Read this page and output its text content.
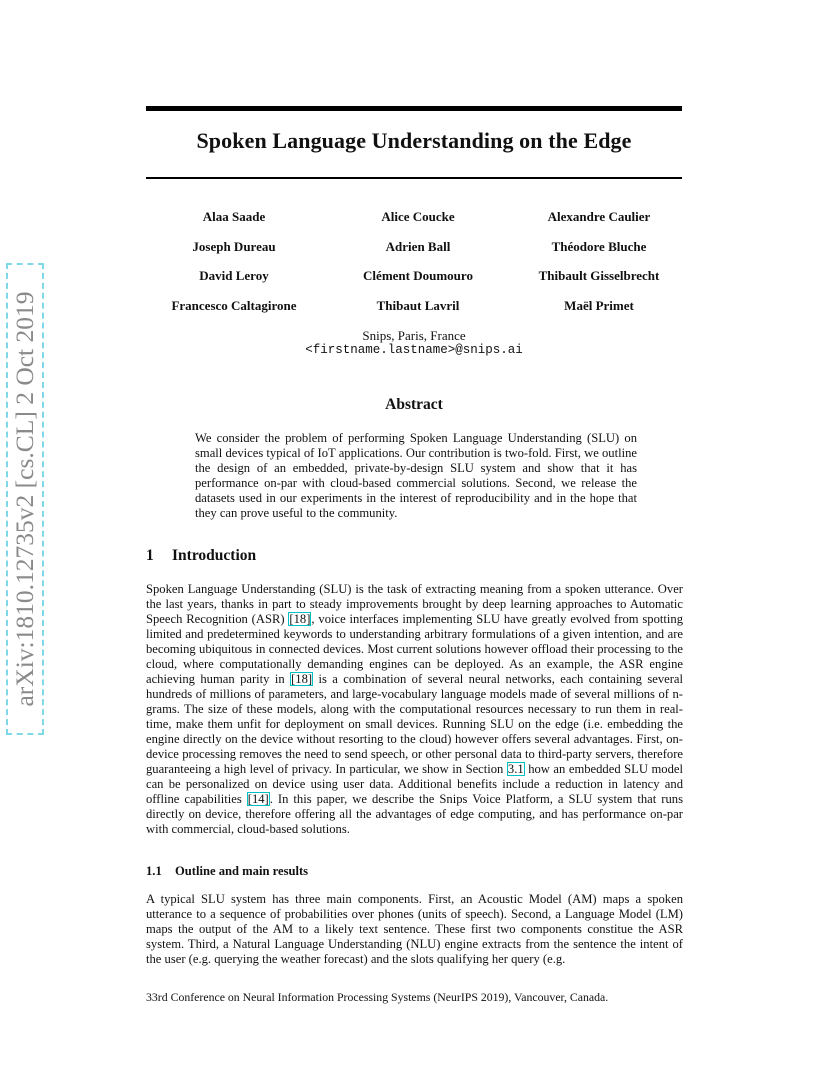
arXiv:1810.12735v2 [cs.CL] 2 Oct 2019
Spoken Language Understanding on the Edge
Alaa Saade	Alice Coucke	Alexandre Caulier
Joseph Dureau	Adrien Ball	Théodore Bluche
David Leroy	Clément Doumouro	Thibault Gisselbrecht
Francesco Caltagirone	Thibaut Lavril	Maël Primet
Snips, Paris, France
<firstname.lastname>@snips.ai
Abstract
We consider the problem of performing Spoken Language Understanding (SLU) on small devices typical of IoT applications. Our contribution is two-fold. First, we outline the design of an embedded, private-by-design SLU system and show that it has performance on-par with cloud-based commercial solutions. Second, we release the datasets used in our experiments in the interest of reproducibility and in the hope that they can prove useful to the community.
1 Introduction
Spoken Language Understanding (SLU) is the task of extracting meaning from a spoken utterance. Over the last years, thanks in part to steady improvements brought by deep learning approaches to Automatic Speech Recognition (ASR) [18], voice interfaces implementing SLU have greatly evolved from spotting limited and predetermined keywords to understanding arbitrary formulations of a given intention, and are becoming ubiquitous in connected devices. Most current solutions however offload their processing to the cloud, where computationally demanding engines can be deployed. As an example, the ASR engine achieving human parity in [18] is a combination of several neural networks, each containing several hundreds of millions of parameters, and large-vocabulary language models made of several millions of n-grams. The size of these models, along with the computational resources necessary to run them in real-time, make them unfit for deployment on small devices. Running SLU on the edge (i.e. embedding the engine directly on the device without resorting to the cloud) however offers several advantages. First, on-device processing removes the need to send speech, or other personal data to third-party servers, therefore guaranteeing a high level of privacy. In particular, we show in Section 3.1 how an embedded SLU model can be personalized on device using user data. Additional benefits include a reduction in latency and offline capabilities [14]. In this paper, we describe the Snips Voice Platform, a SLU system that runs directly on device, therefore offering all the advantages of edge computing, and has performance on-par with commercial, cloud-based solutions.
1.1 Outline and main results
A typical SLU system has three main components. First, an Acoustic Model (AM) maps a spoken utterance to a sequence of probabilities over phones (units of speech). Second, a Language Model (LM) maps the output of the AM to a likely text sentence. These first two components constitue the ASR system. Third, a Natural Language Understanding (NLU) engine extracts from the sentence the intent of the user (e.g. querying the weather forecast) and the slots qualifying her query (e.g.
33rd Conference on Neural Information Processing Systems (NeurIPS 2019), Vancouver, Canada.
